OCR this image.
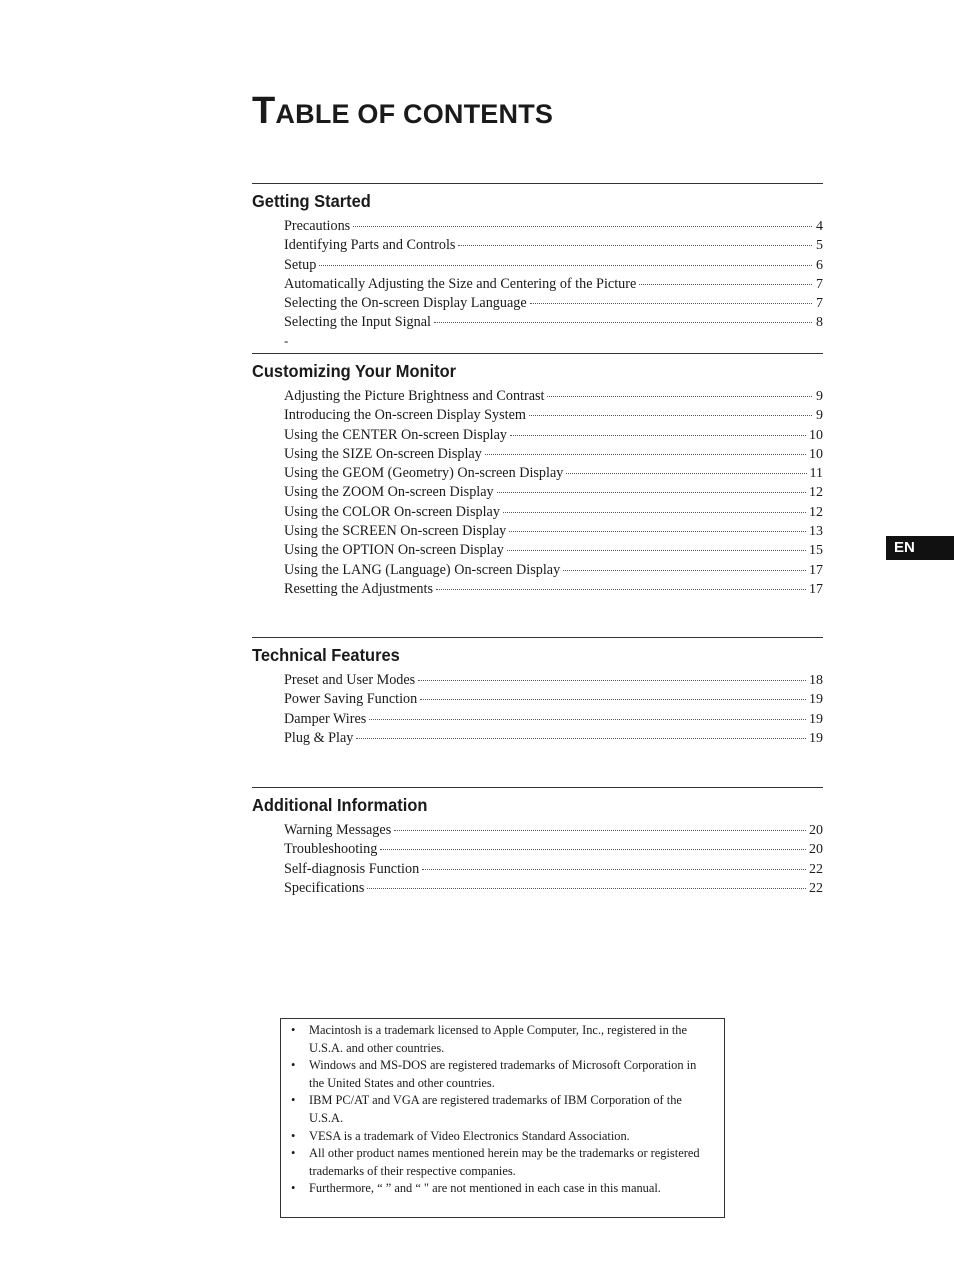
TABLE OF CONTENTS
EN
Getting Started
Precautions	4
Identifying Parts and Controls	5
Setup	6
Automatically Adjusting the Size and Centering of the Picture	7
Selecting the On-screen Display Language	7
Selecting the Input Signal	8
-
Customizing Your Monitor
Adjusting the Picture Brightness and Contrast	9
Introducing the On-screen Display System	9
Using the CENTER On-screen Display	10
Using the SIZE On-screen Display	10
Using the GEOM (Geometry) On-screen Display	11
Using the ZOOM On-screen Display	12
Using the COLOR On-screen Display	12
Using the SCREEN On-screen Display	13
Using the OPTION On-screen Display	15
Using the LANG (Language) On-screen Display	17
Resetting the Adjustments	17
Technical Features
Preset and User Modes	18
Power Saving Function	19
Damper Wires	19
Plug & Play	19
Additional Information
Warning Messages	20
Troubleshooting	20
Self-diagnosis Function	22
Specifications	22
•	Macintosh is a trademark licensed to Apple Computer, Inc., registered in the U.S.A. and other countries.
•	Windows and MS-DOS are registered trademarks of Microsoft Corporation in the United States and other countries.
•	IBM PC/AT and VGA are registered trademarks of IBM Corporation of the U.S.A.
•	VESA is a trademark of Video Electronics Standard Association.
•	All other product names mentioned herein may be the trademarks or registered trademarks of their respective companies.
•	Furthermore, “ ” and “ " are not mentioned in each case in this manual.
